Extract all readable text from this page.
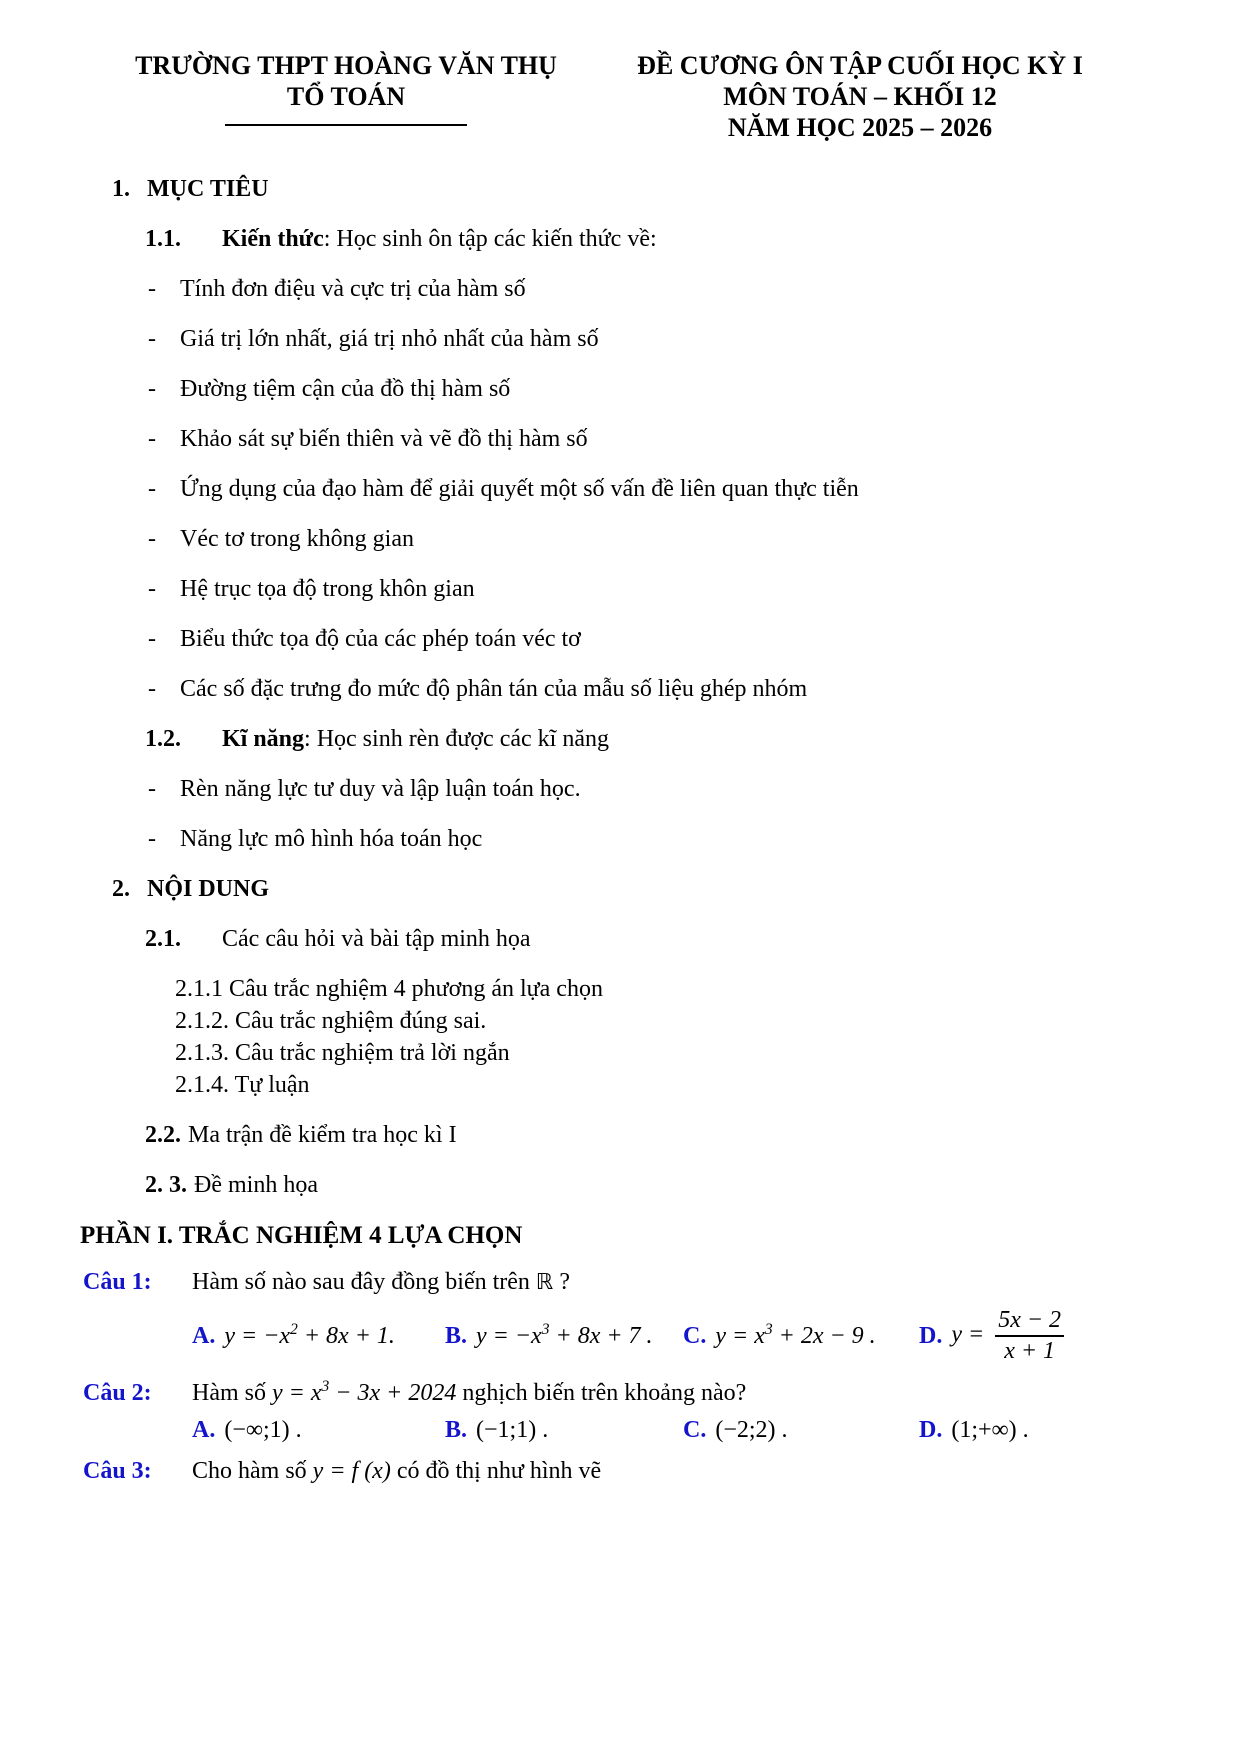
TRƯỜNG THPT HOÀNG VĂN THỤ

TỔ TOÁN

ĐỀ CƯƠNG ÔN TẬP CUỐI HỌC KỲ I

MÔN TOÁN – KHỐI 12

NĂM HỌC 2025 – 2026

1. MỤC TIÊU

1.1. Kiến thức: Học sinh ôn tập các kiến thức về:

-	Tính đơn điệu và cực trị của hàm số

-	Giá trị lớn nhất, giá trị nhỏ nhất của hàm số

-	Đường tiệm cận của đồ thị hàm số

-	Khảo sát sự biến thiên và vẽ đồ thị hàm số

-	Ứng dụng của đạo hàm để giải quyết một số vấn đề liên quan thực tiễn

-	Véc tơ trong không gian

-	Hệ trục tọa độ trong khôn gian

-	Biểu thức tọa độ của các phép toán véc tơ

-	Các số đặc trưng đo mức độ phân tán của mẫu số liệu ghép nhóm

1.2. Kĩ năng: Học sinh rèn được các kĩ năng

-	Rèn năng lực tư duy và lập luận toán học.

-	Năng lực mô hình hóa toán học

2. NỘI DUNG

2.1. Các câu hỏi và bài tập minh họa

2.1.1 Câu trắc nghiệm 4 phương án lựa chọn

2.1.2. Câu trắc nghiệm đúng sai.

2.1.3. Câu trắc nghiệm trả lời ngắn

2.1.4. Tự luận

2.2. Ma trận đề kiểm tra học kì I

2. 3. Đề minh họa

PHẦN I. TRẮC NGHIỆM 4 LỰA CHỌN

Câu 1:	Hàm số nào sau đây đồng biến trên ℝ ?
A. $y = -x^2 + 8x + 1$. B. $y = -x^3 + 8x + 7$ . C. $y = x^3 + 2x - 9$ . D. $y = \frac{5x - 2}{x + 1}$
Câu 2:	Hàm số $y = x^3 - 3x + 2024$ nghịch biến trên khoảng nào?
A. (−∞;1) .	B. (−1;1) .	C. (−2;2) .	D. (1;+∞) .
Câu 3:	Cho hàm số y = f (x) có đồ thị như hình vẽ
